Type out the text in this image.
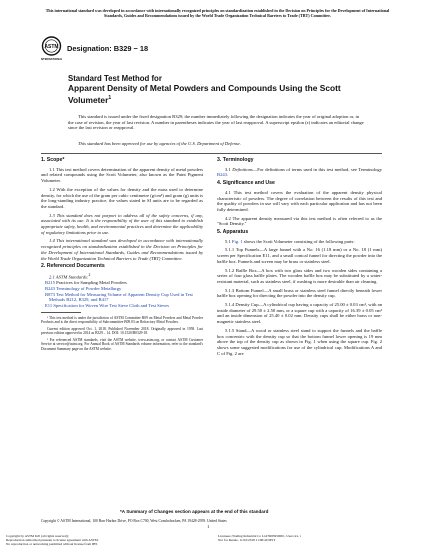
This international standard was developed in accordance with internationally recognized principles on standardization established in the Decision on Principles for the Development of International Standards, Guides and Recommendations issued by the World Trade Organization Technical Barriers to Trade (TBT) Committee.
ASTM
INTERNATIONAL
Designation: B329 − 18
Standard Test Method for
Apparent Density of Metal Powders and Compounds Using the Scott Volumeter$^1$
This standard is issued under the fixed designation B329; the number immediately following the designation indicates the year of original adoption or, in the case of revision, the year of last revision. A number in parentheses indicates the year of last reapproval. A superscript epsilon (ε) indicates an editorial change since the last revision or reapproval.
This standard has been approved for use by agencies of the U.S. Department of Defense.
1. Scope*

1.1 This test method covers determination of the apparent density of metal powders and related compounds using the Scott Volumeter, also known as the Paint Pigment Volumeter.

1.2 With the exception of the values for density and the mass used to determine density, for which the use of the gram per cubic centimetre (g/cm³) and gram (g) units is the long-standing industry practice, the values stated in SI units are to be regarded as the standard.

1.3 This standard does not purport to address all of the safety concerns, if any, associated with its use. It is the responsibility of the user of this standard to establish appropriate safety, health, and environmental practices and determine the applicability of regulatory limitations prior to use.

1.4 This international standard was developed in accordance with internationally recognized principles on standardization established in the Decision on Principles for the Development of International Standards, Guides and Recommendations issued by the World Trade Organization Technical Barriers to Trade (TBT) Committee.

2. Referenced Documents

2.1 ASTM Standards:$^2$

B215 Practices for Sampling Metal Powders
B243 Terminology of Powder Metallurgy
B873 Test Method for Measuring Volume of Apparent Density Cup Used in Test Methods B212, B329, and B417
E11 Specification for Woven Wire Test Sieve Cloth and Test Sieves

¹ This test method is under the jurisdiction of ASTM Committee B09 on Metal Powders and Metal Powder Products and is the direct responsibility of Subcommittee B09.03 on Refractory Metal Powders.

Current edition approved Oct. 1, 2018. Published November 2018. Originally approved in 1958. Last previous edition approved in 2014 as B329 – 14. DOI: 10.1520/B0329-18.

² For referenced ASTM standards, visit the ASTM website, www.astm.org, or contact ASTM Customer Service at service@astm.org. For Annual Book of ASTM Standards volume information, refer to the standard's Document Summary page on the ASTM website.

3. Terminology

3.1 Definitions—For definitions of terms used in this test method, see Terminology B243.

4. Significance and Use

4.1 This test method covers the evaluation of the apparent density physical characteristic of powders. The degree of correlation between the results of this test and the quality of powders in use will vary with each particular application and has not been fully determined.

4.2 The apparent density measured via this test method is often referred to as the "Scott Density."

5. Apparatus

5.1 Fig. 1 shows the Scott Volumeter consisting of the following parts:

5.1.1 Top Funnels—A large funnel with a No. 16 (1.18 mm) or a No. 18 (1 mm) screen per Specification E11, and a small conical funnel for directing the powder into the baffle box. Funnels and screen may be brass or stainless steel.

5.1.2 Baffle Box—A box with two glass sides and two wooden sides containing a series of four glass baffle plates. The wooden baffle box may be substituted by a water-resistant material, such as stainless steel, if washing is more desirable than air cleaning.

5.1.3 Bottom Funnel—A small brass or stainless steel funnel directly beneath lower baffle box opening for directing the powder into the density cup.

5.1.4 Density Cup—A cylindrical cup having a capacity of 25.00 ± 0.03 cm³, with an inside diameter of 29.50 ± 2.50 mm, or a square cup with a capacity of 16.39 ± 0.05 cm³ and an inside dimension of 25.40 ± 0.02 mm. Density cups shall be either brass or non-magnetic stainless steel.

5.1.5 Stand—A wood or stainless steel stand to support the funnels and the baffle box concentric with the density cup so that the bottom funnel lower opening is 19 mm above the top of the density cup as shown in Fig. 1 when using the square cup. Fig. 2 shows some suggested modifications for use of the cylindrical cup. Modifications A and C of Fig. 2 are

*A Summary of Changes section appears at the end of this standard
Copyright © ASTM International, 100 Barr Harbor Drive, PO Box C700, West Conshohocken, PA 19428-2959. United States
1
Copyright by ASTM Int'l (all rights reserved);
Reproduction authorized pursuant to license agreement with ASTM.
No reproduction or networking permitted without license from IHS
Licensee=Trading Industrial Co Ltd/5995950001, User=xx, r
Not for Resale, 11/02/2018 11:06:40 MST
